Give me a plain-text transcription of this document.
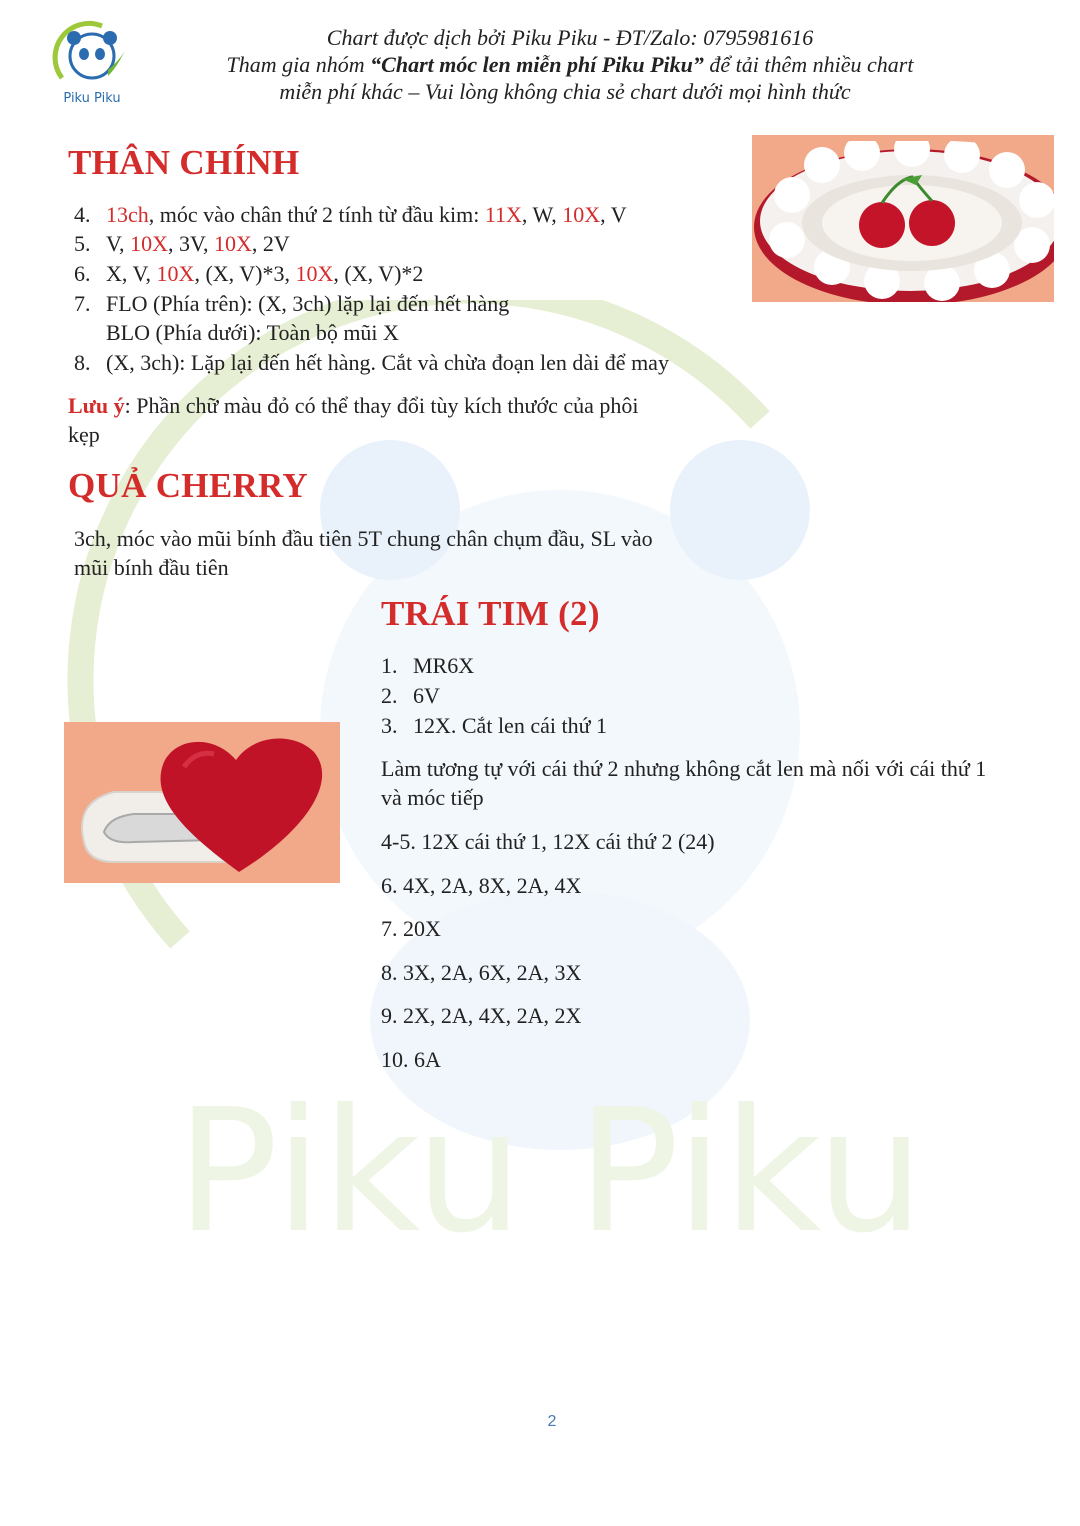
Piku Piku
Piku Piku
Chart được dịch bởi Piku Piku - ĐT/Zalo: 0795981616
Tham gia nhóm “Chart móc len miễn phí Piku Piku” để tải thêm nhiều chart
miễn phí khác – Vui lòng không chia sẻ chart dưới mọi hình thức
THÂN CHÍNH
4. 13ch, móc vào chân thứ 2 tính từ đầu kim: 11X, W, 10X, V
5. V, 10X, 3V, 10X, 2V
6. X, V, 10X, (X, V)*3, 10X, (X, V)*2
7. FLO (Phía trên): (X, 3ch) lặp lại đến hết hàng
BLO (Phía dưới): Toàn bộ mũi X
8. (X, 3ch): Lặp lại đến hết hàng. Cắt và chừa đoạn len dài để may
Lưu ý: Phần chữ màu đỏ có thể thay đổi tùy kích thước của phôi
kẹp
QUẢ CHERRY
3ch, móc vào mũi bính đầu tiên 5T chung chân chụm đầu, SL vào
mũi bính đầu tiên
TRÁI TIM (2)
1. MR6X
2. 6V
3. 12X. Cắt len cái thứ 1
Làm tương tự với cái thứ 2 nhưng không cắt len mà nối với cái thứ 1
và móc tiếp
4-5. 12X cái thứ 1, 12X cái thứ 2 (24)
6. 4X, 2A, 8X, 2A, 4X
7. 20X
8. 3X, 2A, 6X, 2A, 3X
9. 2X, 2A, 4X, 2A, 2X
10. 6A
2
